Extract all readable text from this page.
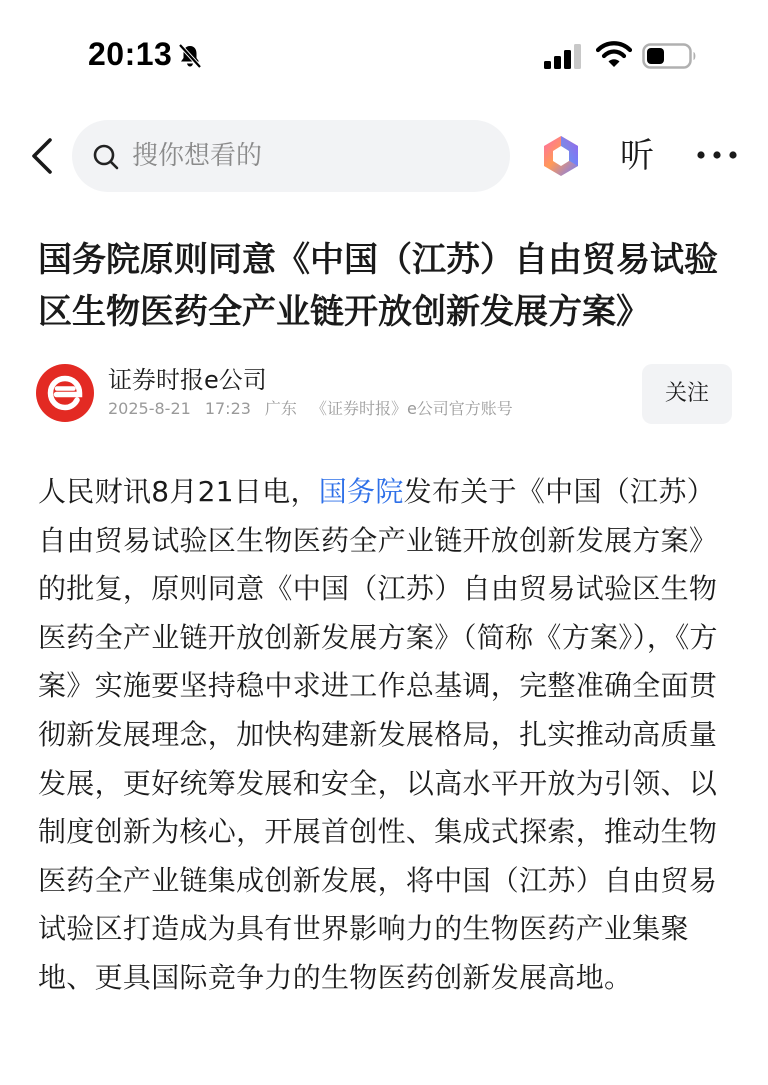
20:13
搜你想看的	听
国务院原则同意《中国（江苏）自由贸易试验区生物医药全产业链开放创新发展方案》
证券时报e公司
2025-8-21 17:23 广东 《证券时报》e公司官方账号
关注

人民财讯8月21日电，国务院发布关于《中国（江苏）自由贸易试验区生物医药全产业链开放创新发展方案》的批复，原则同意《中国（江苏）自由贸易试验区生物医药全产业链开放创新发展方案》（简称《方案》），《方案》实施要坚持稳中求进工作总基调，完整准确全面贯彻新发展理念，加快构建新发展格局，扎实推动高质量发展，更好统筹发展和安全，以高水平开放为引领、以制度创新为核心，开展首创性、集成式探索，推动生物医药全产业链集成创新发展，将中国（江苏）自由贸易试验区打造成为具有世界影响力的生物医药产业集聚地、更具国际竞争力的生物医药创新发展高地。
